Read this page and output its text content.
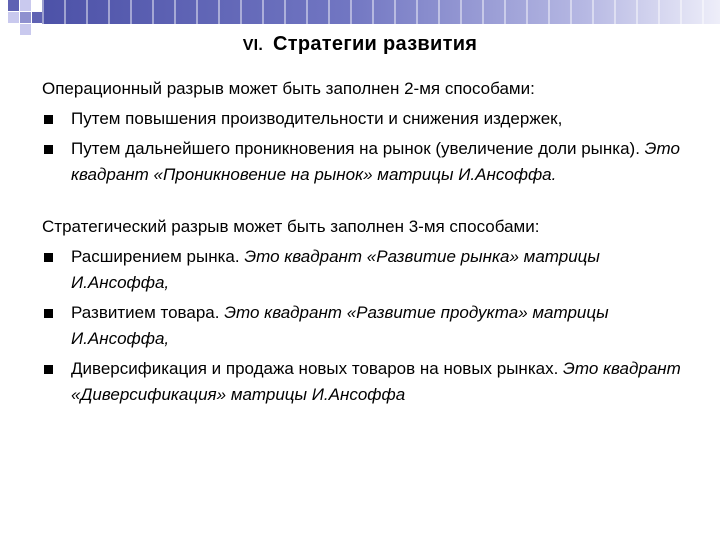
VI. Стратегии развития

Операционный разрыв может быть заполнен 2-мя способами:

Путем повышения производительности и снижения издержек,
Путем дальнейшего проникновения на рынок (увеличение доли рынка). Это квадрант «Проникновение на рынок» матрицы И.Ансоффа.

Стратегический разрыв может быть заполнен 3-мя способами:

Расширением рынка. Это квадрант «Развитие рынка» матрицы И.Ансоффа,
Развитием товара. Это квадрант «Развитие продукта» матрицы И.Ансоффа,
Диверсификация и продажа новых товаров на новых рынках. Это квадрант «Диверсификация» матрицы И.Ансоффа
